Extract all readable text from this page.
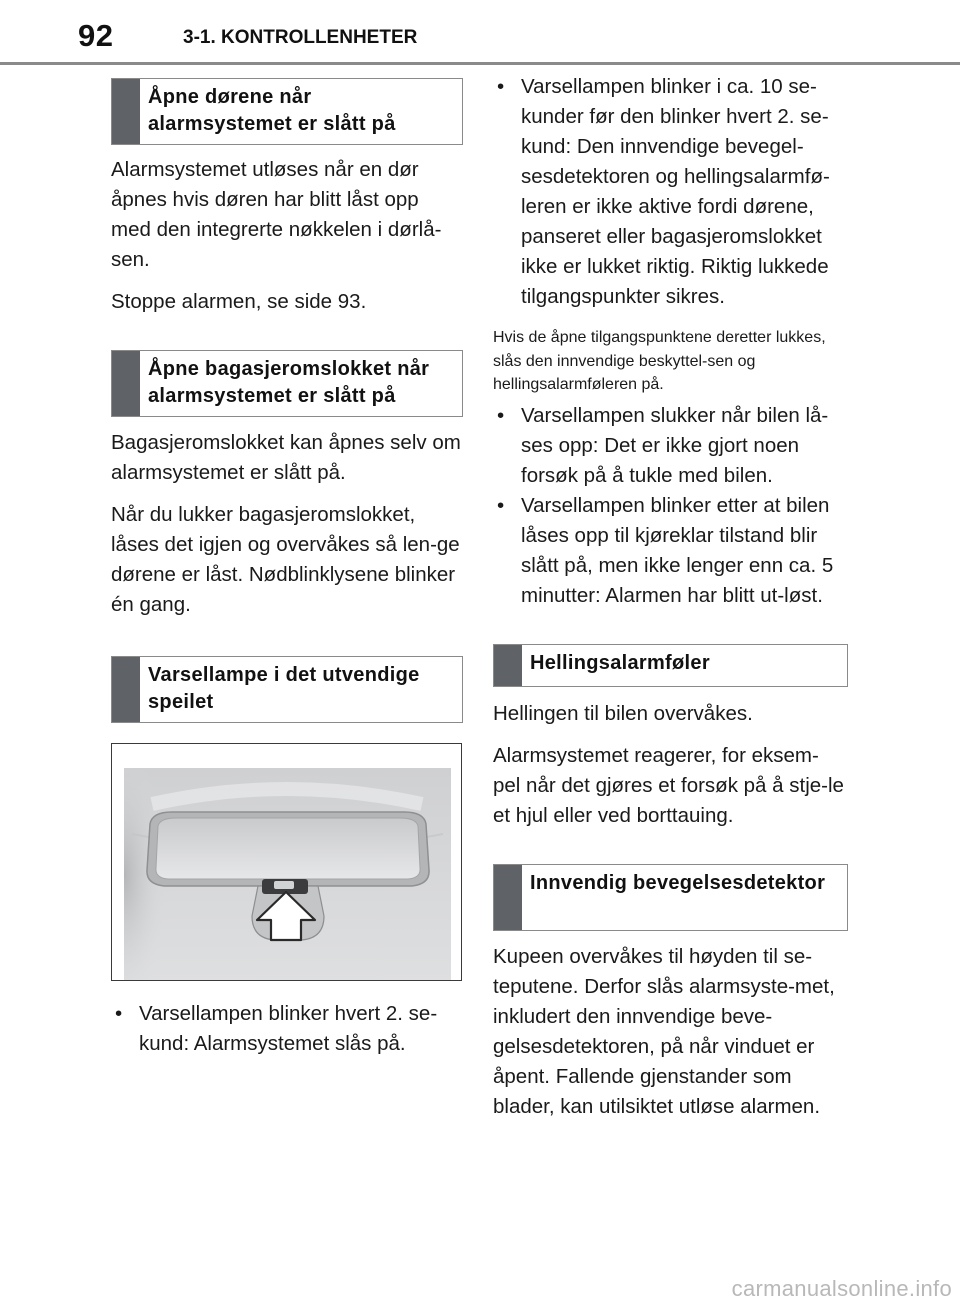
92	3-1. KONTROLLENHETER
Åpne dørene når alarmsystemet er slått på

Alarmsystemet utløses når en dør åpnes hvis døren har blitt låst opp med den integrerte nøkkelen i dørlå-sen.

Stoppe alarmen, se side 93.

Åpne bagasjeromslokket når alarmsystemet er slått på

Bagasjeromslokket kan åpnes selv om alarmsystemet er slått på.

Når du lukker bagasjeromslokket, låses det igjen og overvåkes så len-ge dørene er låst. Nødblinklysene blinker én gang.

Varsellampe i det utvendige speilet
• Varsellampen blinker hvert 2. se-kund: Alarmsystemet slås på.
• Varsellampen blinker i ca. 10 se-kunder før den blinker hvert 2. se-kund: Den innvendige bevegel-sesdetektoren og hellingsalarmfø-leren er ikke aktive fordi dørene, panseret eller bagasjeromslokket ikke er lukket riktig. Riktig lukkede tilgangspunkter sikres.

Hvis de åpne tilgangspunktene deretter lukkes, slås den innvendige beskyttel-sen og hellingsalarmføleren på.

• Varsellampen slukker når bilen lå-ses opp: Det er ikke gjort noen forsøk på å tukle med bilen.
• Varsellampen blinker etter at bilen låses opp til kjøreklar tilstand blir slått på, men ikke lenger enn ca. 5 minutter: Alarmen har blitt ut-løst.
Hellingsalarmføler

Hellingen til bilen overvåkes.

Alarmsystemet reagerer, for eksem-pel når det gjøres et forsøk på å stje-le et hjul eller ved borttauing.

Innvendig bevegelsesdetektor

Kupeen overvåkes til høyden til se-teputene. Derfor slås alarmsyste-met, inkludert den innvendige beve-gelsesdetektoren, på når vinduet er åpent. Fallende gjenstander som blader, kan utilsiktet utløse alarmen.

carmanualsonline.info
